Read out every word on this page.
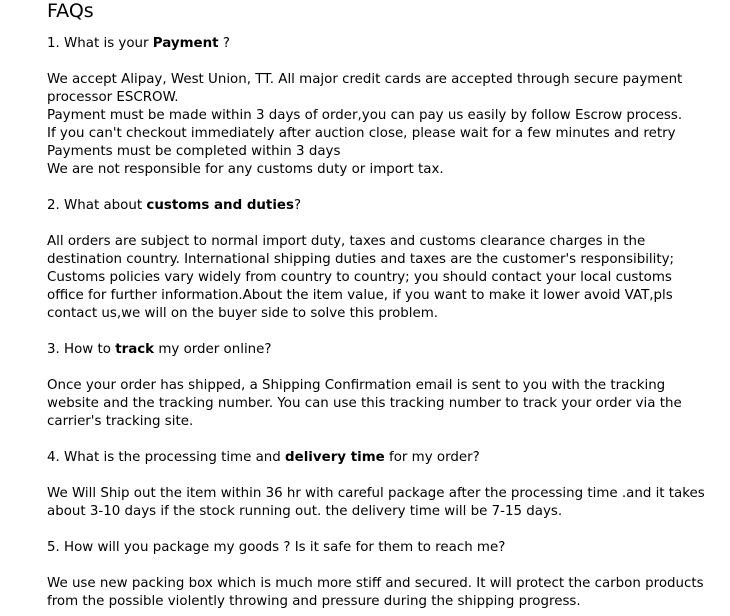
FAQs

1. What is your Payment ?

We accept Alipay, West Union, TT. All major credit cards are accepted through secure payment processor ESCROW.

Payment must be made within 3 days of order,you can pay us easily by follow Escrow process.

If you can't checkout immediately after auction close, please wait for a few minutes and retry

Payments must be completed within 3 days

We are not responsible for any customs duty or import tax.

2. What about customs and duties?

All orders are subject to normal import duty, taxes and customs clearance charges in the destination country. International shipping duties and taxes are the customer's responsibility; Customs policies vary widely from country to country; you should contact your local customs office for further information.About the item value, if you want to make it lower avoid VAT,pls contact us,we will on the buyer side to solve this problem.

3. How to track my order online?

Once your order has shipped, a Shipping Confirmation email is sent to you with the tracking website and the tracking number. You can use this tracking number to track your order via the carrier's tracking site.

4. What is the processing time and delivery time for my order?

We Will Ship out the item within 36 hr with careful package after the processing time .and it takes about 3-10 days if the stock running out. the delivery time will be 7-15 days.

5. How will you package my goods ? Is it safe for them to reach me?

We use new packing box which is much more stiff and secured. It will protect the carbon products from the possible violently throwing and pressure during the shipping progress.
